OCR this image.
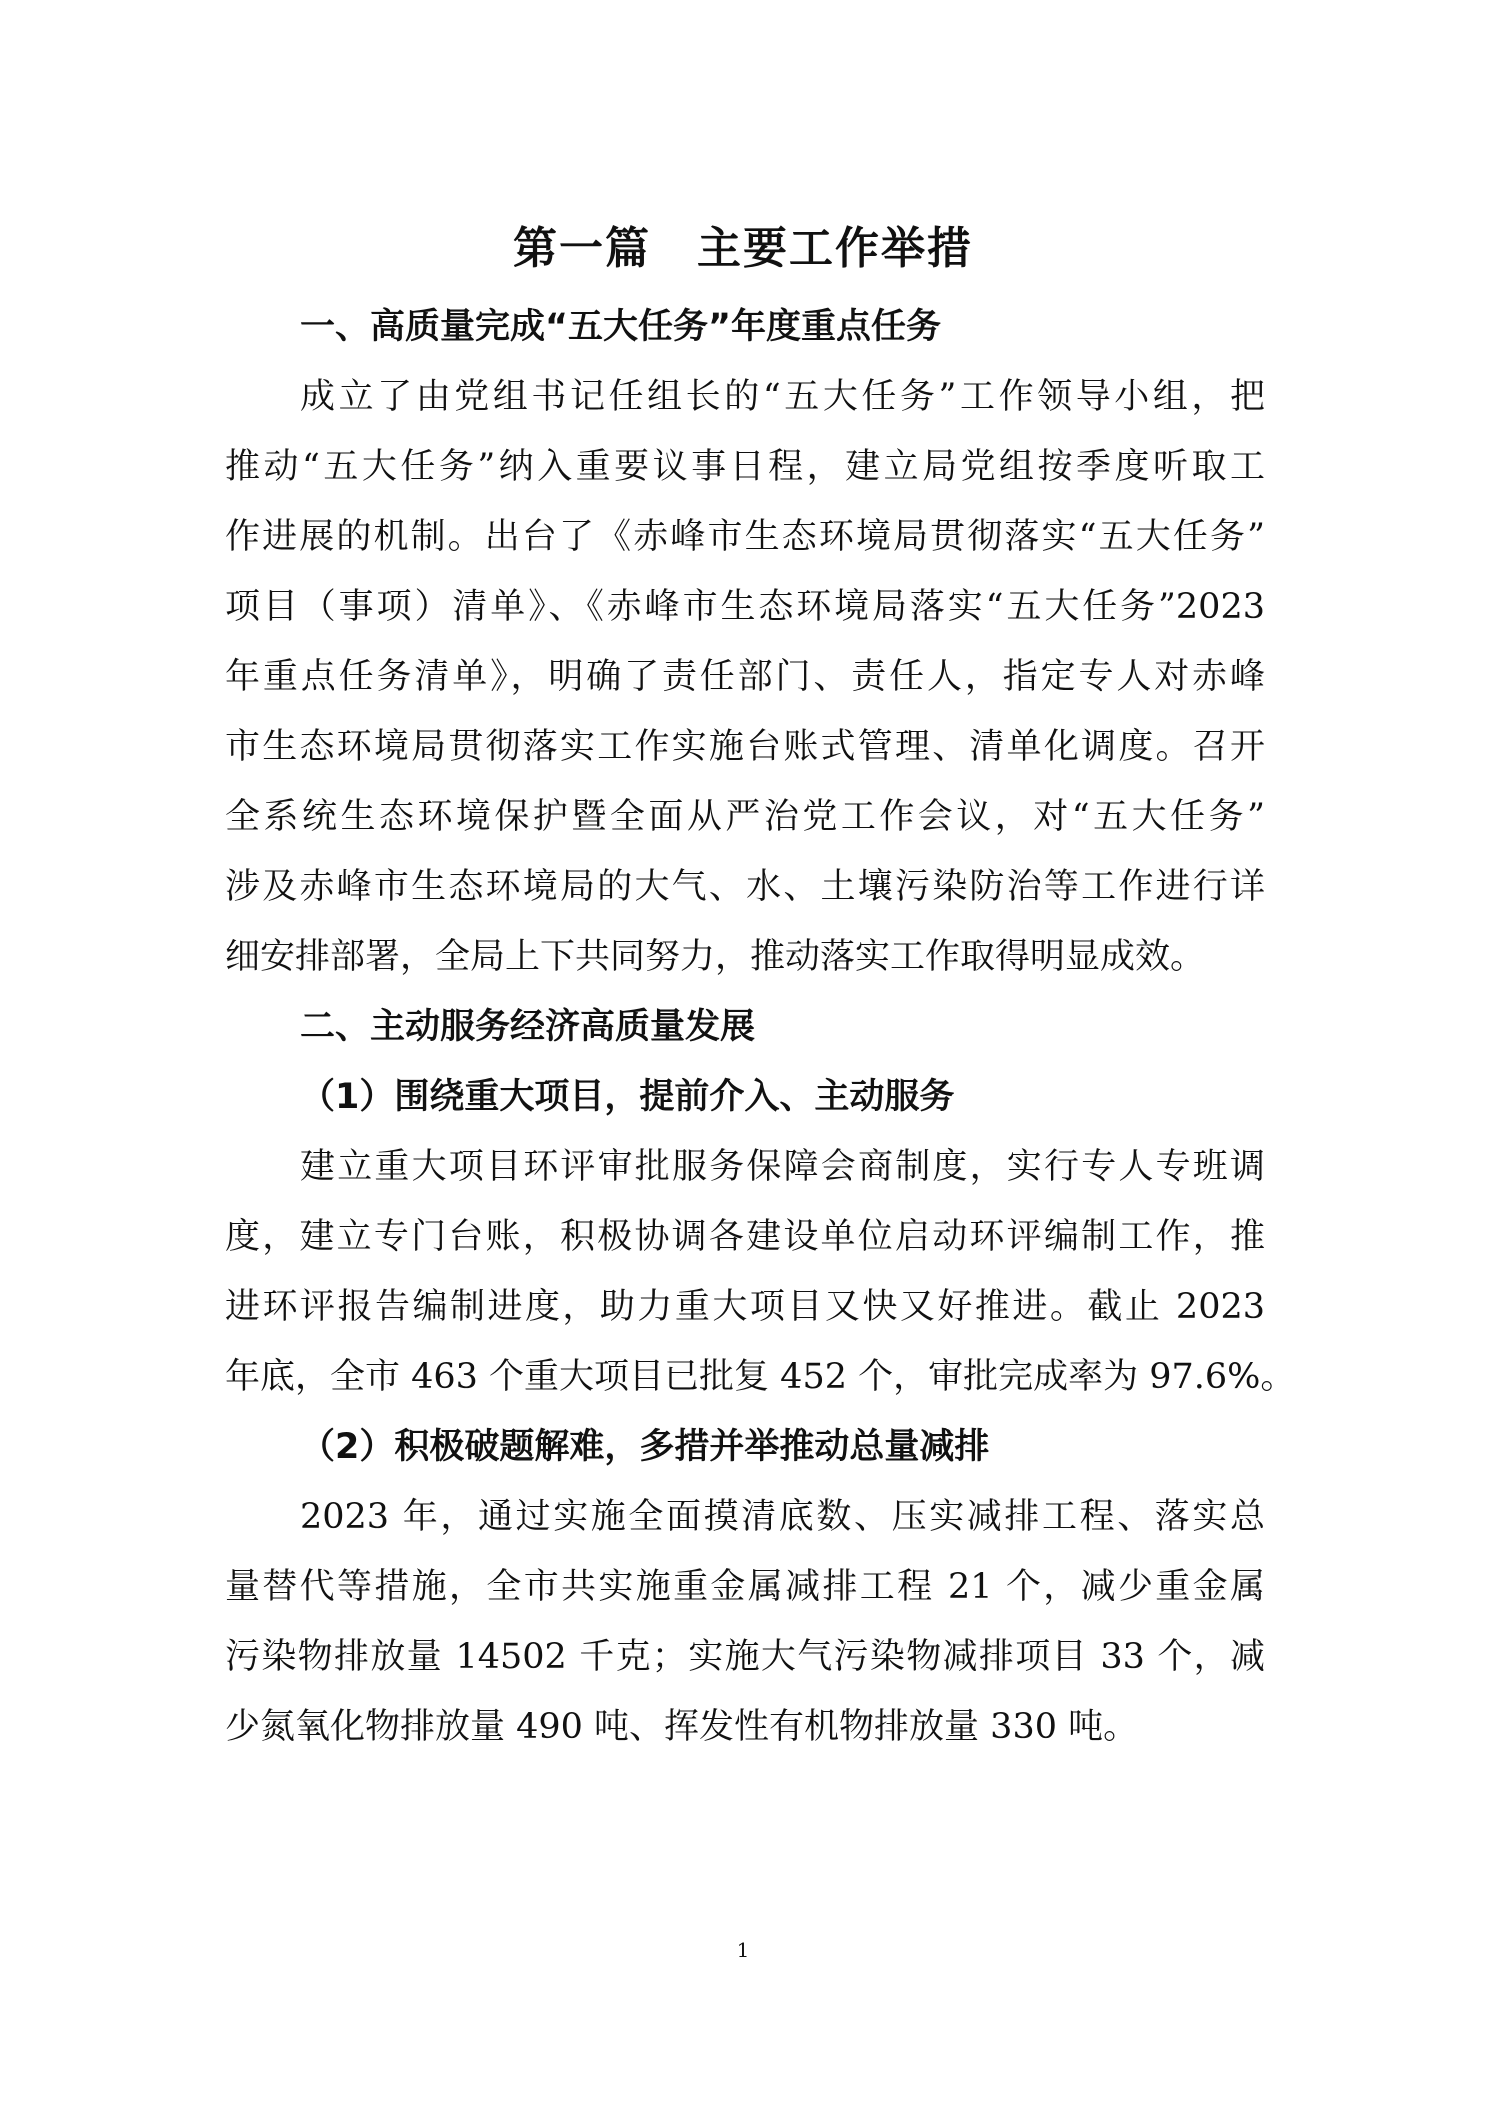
第一篇　主要工作举措
一、高质量完成“五大任务”年度重点任务
成立了由党组书记任组长的“五大任务”工作领导小组，把
推动“五大任务”纳入重要议事日程，建立局党组按季度听取工
作进展的机制。出台了《赤峰市生态环境局贯彻落实“五大任务”
项目（事项）清单》、《赤峰市生态环境局落实“五大任务”2023
年重点任务清单》，明确了责任部门、责任人，指定专人对赤峰
市生态环境局贯彻落实工作实施台账式管理、清单化调度。召开
全系统生态环境保护暨全面从严治党工作会议，对“五大任务”
涉及赤峰市生态环境局的大气、水、土壤污染防治等工作进行详
细安排部署，全局上下共同努力，推动落实工作取得明显成效。
二、主动服务经济高质量发展
（1）围绕重大项目，提前介入、主动服务
建立重大项目环评审批服务保障会商制度，实行专人专班调
度，建立专门台账，积极协调各建设单位启动环评编制工作，推
进环评报告编制进度，助力重大项目又快又好推进。截止 2023
年底，全市 463 个重大项目已批复 452 个，审批完成率为 97.6%。
（2）积极破题解难，多措并举推动总量减排
2023 年，通过实施全面摸清底数、压实减排工程、落实总
量替代等措施，全市共实施重金属减排工程 21 个，减少重金属
污染物排放量 14502 千克；实施大气污染物减排项目 33 个，减
少氮氧化物排放量 490 吨、挥发性有机物排放量 330 吨。
1
